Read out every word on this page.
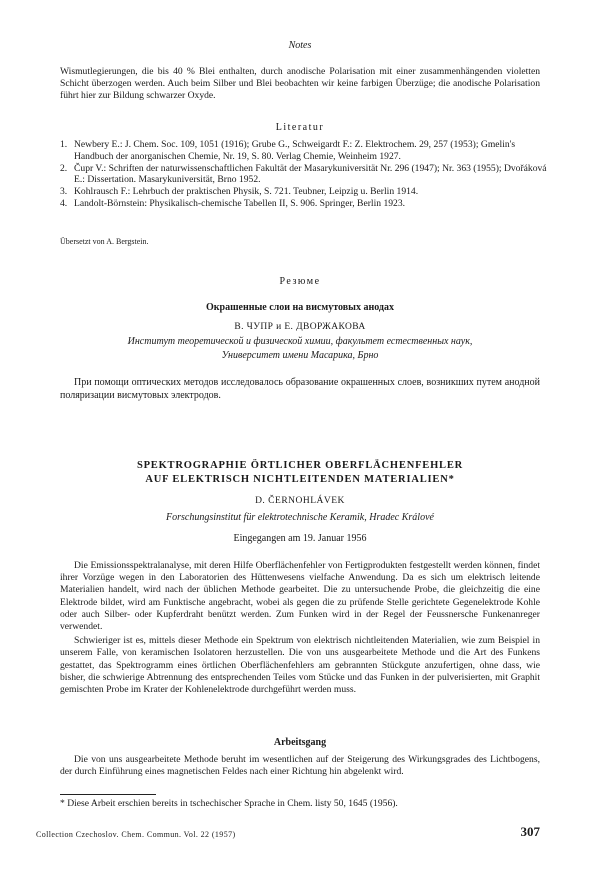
Notes

Wismutlegierungen, die bis 40 % Blei enthalten, durch anodische Polarisation mit einer zusammenhängenden violetten Schicht überzogen werden. Auch beim Silber und Blei beobachten wir keine farbigen Überzüge; die anodische Polarisation führt hier zur Bildung schwarzer Oxyde.

Literatur
1. Newbery E.: J. Chem. Soc. 109, 1051 (1916); Grube G., Schweigardt F.: Z. Elektrochem. 29, 257 (1953); Gmelin's Handbuch der anorganischen Chemie, Nr. 19, S. 80. Verlag Chemie, Weinheim 1927.
2. Čupr V.: Schriften der naturwissenschaftlichen Fakultät der Masarykuniversität Nr. 296 (1947); Nr. 363 (1955); Dvořáková E.: Dissertation. Masarykuniversität, Brno 1952.
3. Kohlrausch F.: Lehrbuch der praktischen Physik, S. 721. Teubner, Leipzig u. Berlin 1914.
4. Landolt-Börnstein: Physikalisch-chemische Tabellen II, S. 906. Springer, Berlin 1923.
Übersetzt von A. Bergstein.
Резюме
Окрашенные слои на висмутовых анодах
В. ЧУПР и Е. ДВОРЖАКОВА
Институт теоретической и физической химии, факультет естественных наук,
Университет имени Масарика, Брно

При помощи оптических методов исследовалось образование окрашенных слоев, возникших путем анодной поляризации висмутовых электродов.

SPEKTROGRAPHIE ÖRTLICHER OBERFLÄCHENFEHLER
AUF ELEKTRISCH NICHTLEITENDEN MATERIALIEN*
D. ČERNOHLÁVEK
Forschungsinstitut für elektrotechnische Keramik, Hradec Králové
Eingegangen am 19. Januar 1956

Die Emissionsspektralanalyse, mit deren Hilfe Oberflächenfehler von Fertigprodukten festgestellt werden können, findet ihrer Vorzüge wegen in den Laboratorien des Hüttenwesens vielfache Anwendung. Da es sich um elektrisch leitende Materialien handelt, wird nach der üblichen Methode gearbeitet. Die zu untersuchende Probe, die gleichzeitig die eine Elektrode bildet, wird am Funktische angebracht, wobei als gegen die zu prüfende Stelle gerichtete Gegenelektrode Kohle oder auch Silber- oder Kupferdraht benützt werden. Zum Funken wird in der Regel der Feussnersche Funkenanreger verwendet.

Schwieriger ist es, mittels dieser Methode ein Spektrum von elektrisch nichtleitenden Materialien, wie zum Beispiel in unserem Falle, von keramischen Isolatoren herzustellen. Die von uns ausgearbeitete Methode und die Art des Funkens gestattet, das Spektrogramm eines örtlichen Oberflächenfehlers am gebrannten Stückgute anzufertigen, ohne dass, wie bisher, die schwierige Abtrennung des entsprechenden Teiles vom Stücke und das Funken in der pulverisierten, mit Graphit gemischten Probe im Krater der Kohlenelektrode durchgeführt werden muss.

Arbeitsgang

Die von uns ausgearbeitete Methode beruht im wesentlichen auf der Steigerung des Wirkungsgrades des Lichtbogens, der durch Einführung eines magnetischen Feldes nach einer Richtung hin abgelenkt wird.

* Diese Arbeit erschien bereits in tschechischer Sprache in Chem. listy 50, 1645 (1956).
Collection Czechoslov. Chem. Commun. Vol. 22 (1957)	307
